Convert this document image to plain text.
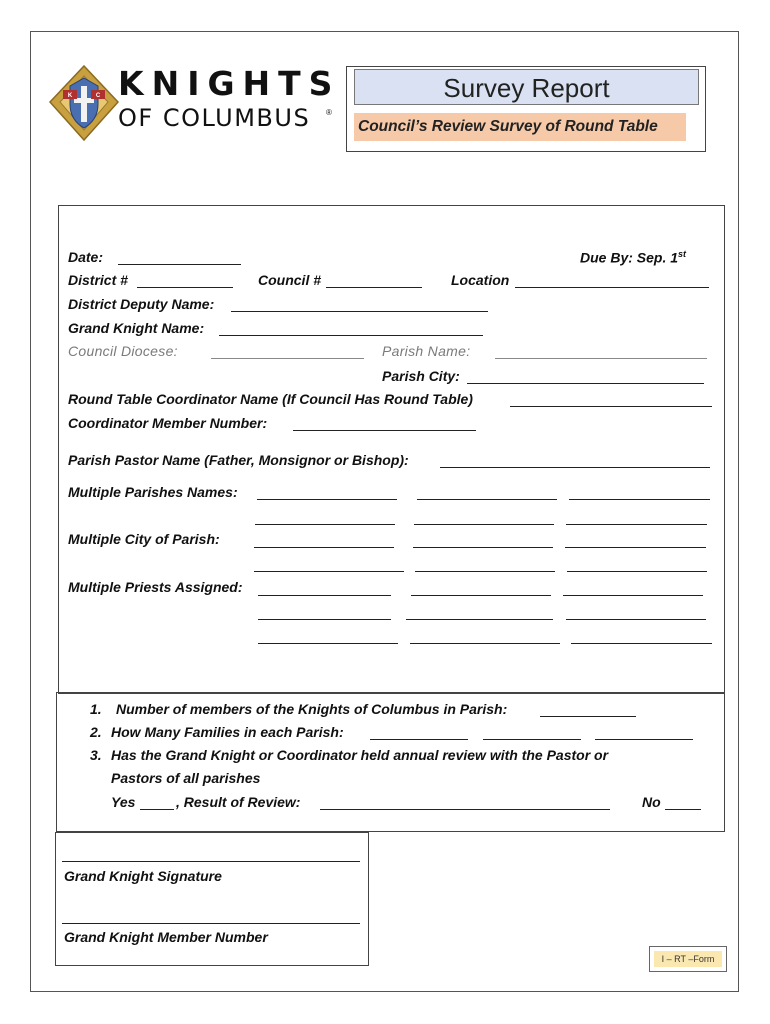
K	C KNIGHTS
OF COLUMBUS ®
Survey Report
Council’s Review Survey of Round Table
Date:	Due By: Sep. 1st
District #	Council #	Location
District Deputy Name:
Grand Knight Name:
Council Diocese:	Parish Name:
Parish City:
Round Table Coordinator Name (If Council Has Round Table)
Coordinator Member Number:
Parish Pastor Name (Father, Monsignor or Bishop):
Multiple Parishes Names:
Multiple City of Parish:
Multiple Priests Assigned:
1. Number of members of the Knights of Columbus in Parish:
2. How Many Families in each Parish:
3. Has the Grand Knight or Coordinator held annual review with the Pastor or
Pastors of all parishes
Yes	, Result of Review:	No
Grand Knight Signature
Grand Knight Member Number
I – RT –Form
